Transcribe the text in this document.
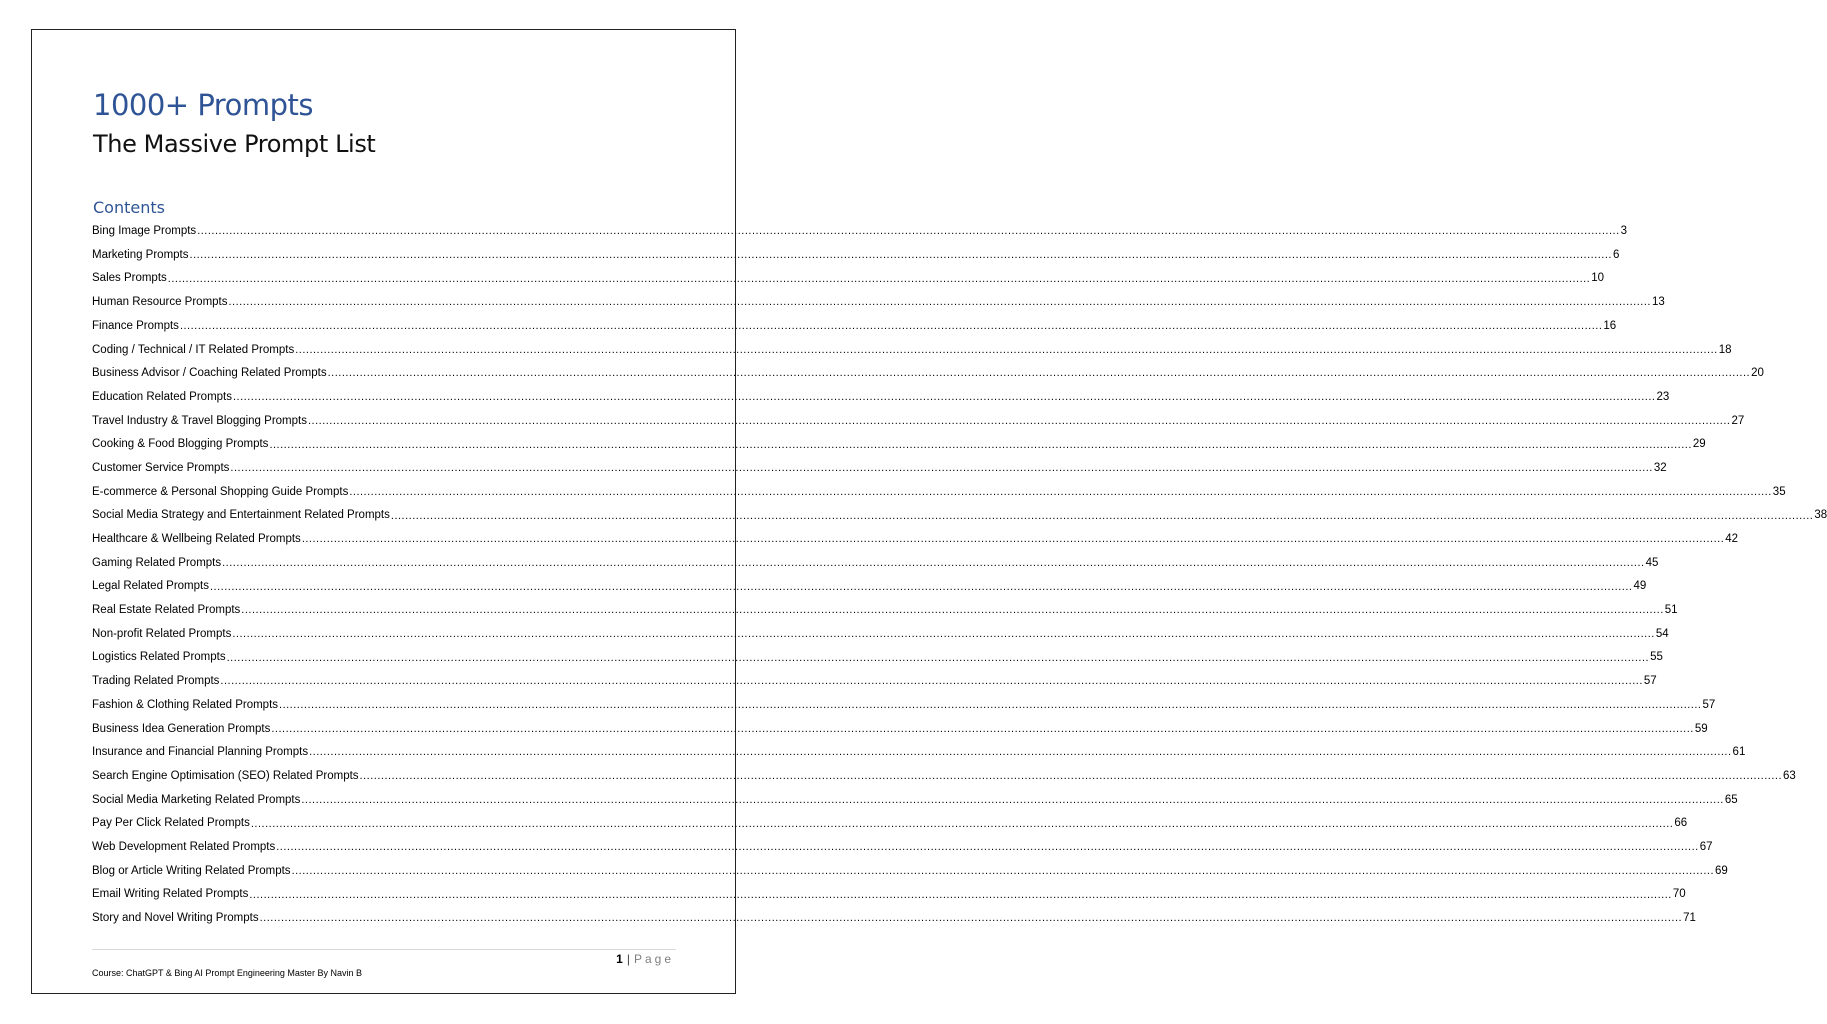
1000+ Prompts
The Massive Prompt List
Contents
Bing Image Prompts ................................................................................................................................................................................................................................................................................................................................................................................................................ 3
Marketing Prompts ................................................................................................................................................................................................................................................................................................................................................................................................................ 6
Sales Prompts ................................................................................................................................................................................................................................................................................................................................................................................................................ 10
Human Resource Prompts ................................................................................................................................................................................................................................................................................................................................................................................................................ 13
Finance Prompts ................................................................................................................................................................................................................................................................................................................................................................................................................ 16
Coding / Technical / IT Related Prompts ................................................................................................................................................................................................................................................................................................................................................................................................................ 18
Business Advisor / Coaching Related Prompts ................................................................................................................................................................................................................................................................................................................................................................................................................ 20
Education Related Prompts ................................................................................................................................................................................................................................................................................................................................................................................................................ 23
Travel Industry & Travel Blogging Prompts ................................................................................................................................................................................................................................................................................................................................................................................................................ 27
Cooking & Food Blogging Prompts ................................................................................................................................................................................................................................................................................................................................................................................................................ 29
Customer Service Prompts ................................................................................................................................................................................................................................................................................................................................................................................................................ 32
E-commerce & Personal Shopping Guide Prompts ................................................................................................................................................................................................................................................................................................................................................................................................................ 35
Social Media Strategy and Entertainment Related Prompts ................................................................................................................................................................................................................................................................................................................................................................................................................ 38
Healthcare & Wellbeing Related Prompts ................................................................................................................................................................................................................................................................................................................................................................................................................ 42
Gaming Related Prompts ................................................................................................................................................................................................................................................................................................................................................................................................................ 45
Legal Related Prompts ................................................................................................................................................................................................................................................................................................................................................................................................................ 49
Real Estate Related Prompts ................................................................................................................................................................................................................................................................................................................................................................................................................ 51
Non-profit Related Prompts ................................................................................................................................................................................................................................................................................................................................................................................................................ 54
Logistics Related Prompts ................................................................................................................................................................................................................................................................................................................................................................................................................ 55
Trading Related Prompts ................................................................................................................................................................................................................................................................................................................................................................................................................ 57
Fashion & Clothing Related Prompts ................................................................................................................................................................................................................................................................................................................................................................................................................ 57
Business Idea Generation Prompts ................................................................................................................................................................................................................................................................................................................................................................................................................ 59
Insurance and Financial Planning Prompts ................................................................................................................................................................................................................................................................................................................................................................................................................ 61
Search Engine Optimisation (SEO) Related Prompts ................................................................................................................................................................................................................................................................................................................................................................................................................ 63
Social Media Marketing Related Prompts ................................................................................................................................................................................................................................................................................................................................................................................................................ 65
Pay Per Click Related Prompts ................................................................................................................................................................................................................................................................................................................................................................................................................ 66
Web Development Related Prompts ................................................................................................................................................................................................................................................................................................................................................................................................................ 67
Blog or Article Writing Related Prompts ................................................................................................................................................................................................................................................................................................................................................................................................................ 69
Email Writing Related Prompts ................................................................................................................................................................................................................................................................................................................................................................................................................ 70
Story and Novel Writing Prompts ................................................................................................................................................................................................................................................................................................................................................................................................................ 71
1 | Page
Course: ChatGPT & Bing AI Prompt Engineering Master By Navin B
